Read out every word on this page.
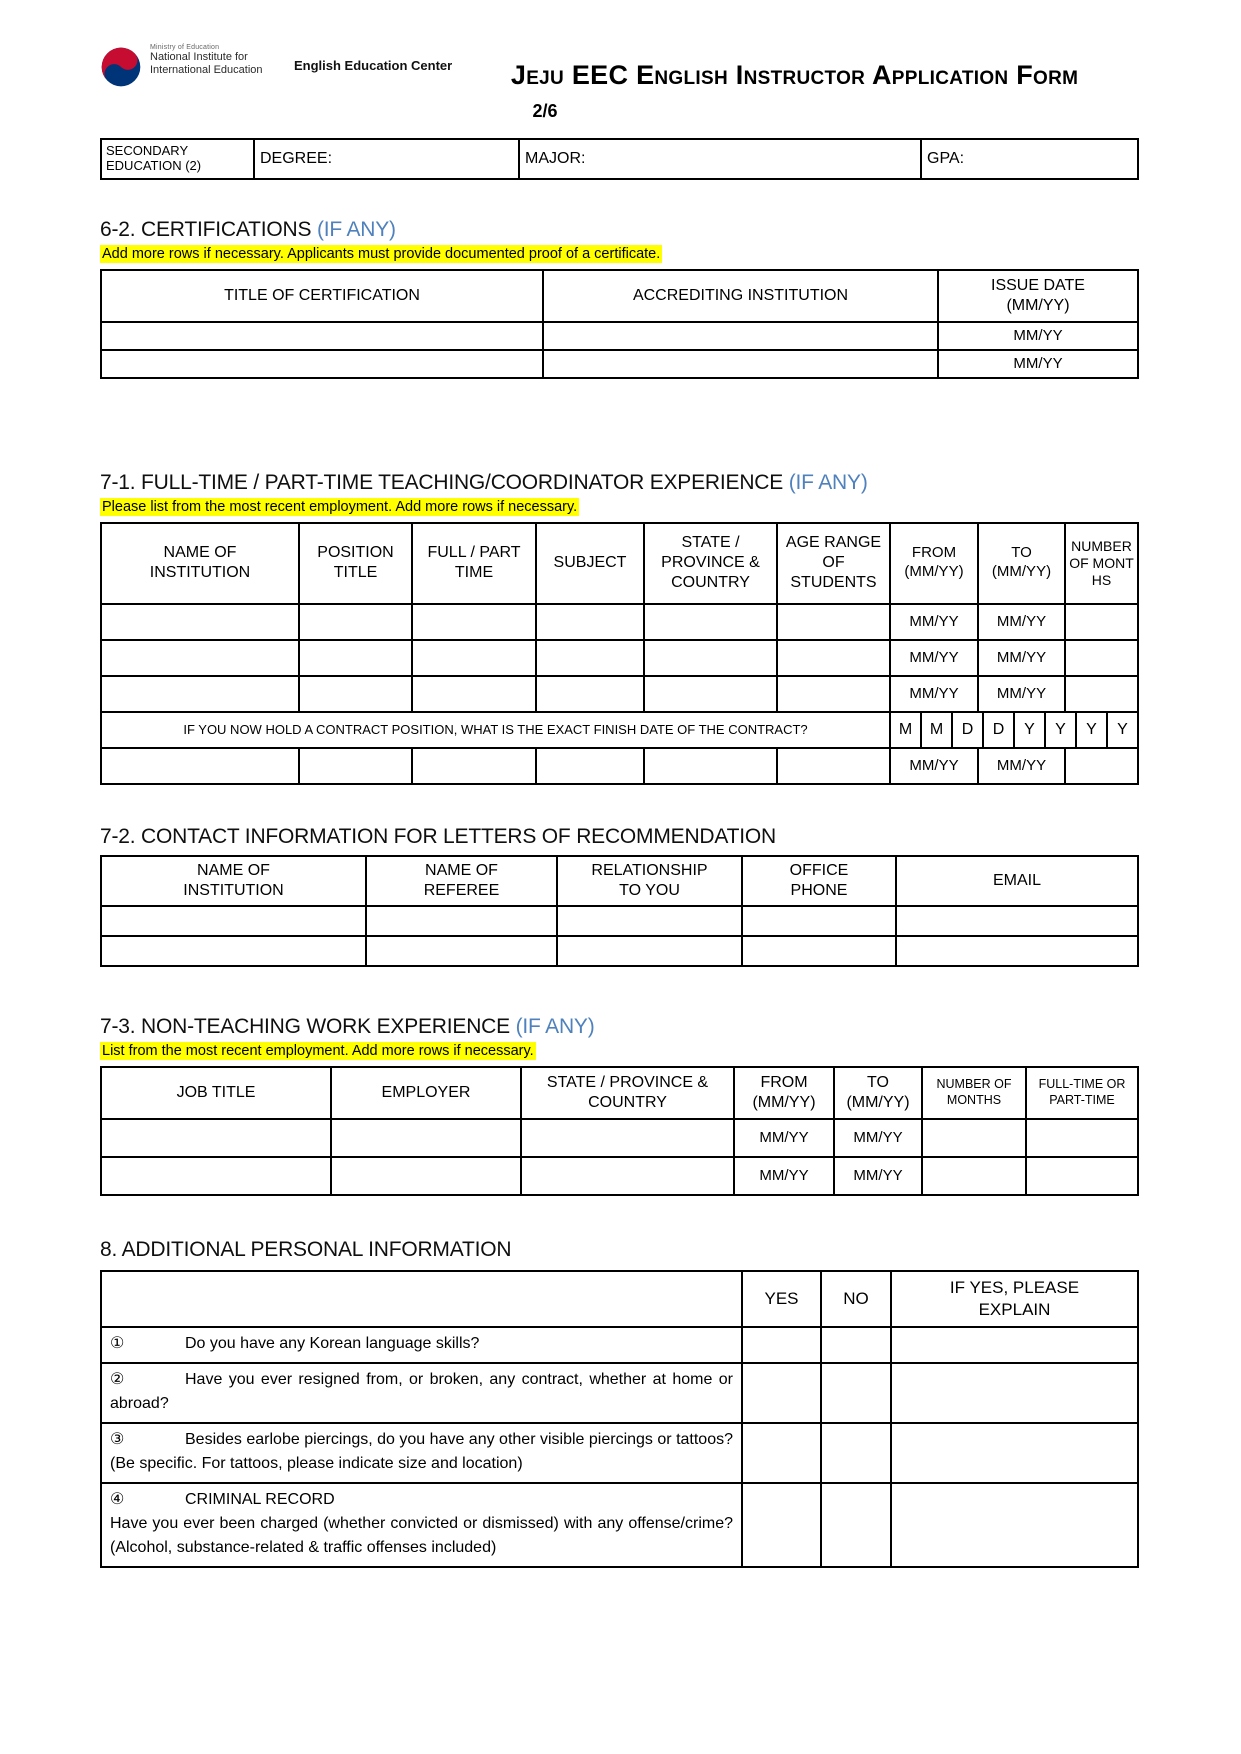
Ministry of Education
National Institute for
International Education	English Education Center	Jeju EEC English Instructor Application Form
2/6
SECONDARY EDUCATION (2)	DEGREE:	MAJOR:	GPA:
6-2. CERTIFICATIONS (IF ANY)
Add more rows if necessary. Applicants must provide documented proof of a certificate.
TITLE OF CERTIFICATION	ACCREDITING INSTITUTION	ISSUE DATE (MM/YY)
		MM/YY
		MM/YY
7-1. FULL-TIME / PART-TIME TEACHING/COORDINATOR EXPERIENCE (IF ANY)
Please list from the most recent employment. Add more rows if necessary.
NAME OF INSTITUTION	POSITION TITLE	FULL / PART TIME	SUBJECT	STATE / PROVINCE & COUNTRY	AGE RANGE OF STUDENTS	FROM (MM/YY)	TO (MM/YY)	NUMBER OF MONTHS
						MM/YY	MM/YY	
						MM/YY	MM/YY	
						MM/YY	MM/YY	
IF YOU NOW HOLD A CONTRACT POSITION, WHAT IS THE EXACT FINISH DATE OF THE CONTRACT?	M	M	D	D	Y	Y	Y	Y

						MM/YY	MM/YY	
7-2. CONTACT INFORMATION FOR LETTERS OF RECOMMENDATION
NAME OF INSTITUTION	NAME OF REFEREE	RELATIONSHIP TO YOU	OFFICE PHONE	EMAIL

7-3. NON-TEACHING WORK EXPERIENCE (IF ANY)
List from the most recent employment. Add more rows if necessary.
JOB TITLE	EMPLOYER	STATE / PROVINCE & COUNTRY	FROM (MM/YY)	TO (MM/YY)	NUMBER OF MONTHS	FULL-TIME OR PART-TIME
			MM/YY	MM/YY		
			MM/YY	MM/YY		
8. ADDITIONAL PERSONAL INFORMATION
	YES	NO	IF YES, PLEASE EXPLAIN

① Do you have any Korean language skills?			

② Have you ever resigned from, or broken, any contract, whether at home or abroad?			

③ Besides earlobe piercings, do you have any other visible piercings or tattoos? (Be specific. For tattoos, please indicate size and location)			

④ CRIMINAL RECORD
Have you ever been charged (whether convicted or dismissed) with any offense/crime? (Alcohol, substance-related & traffic offenses included)			
